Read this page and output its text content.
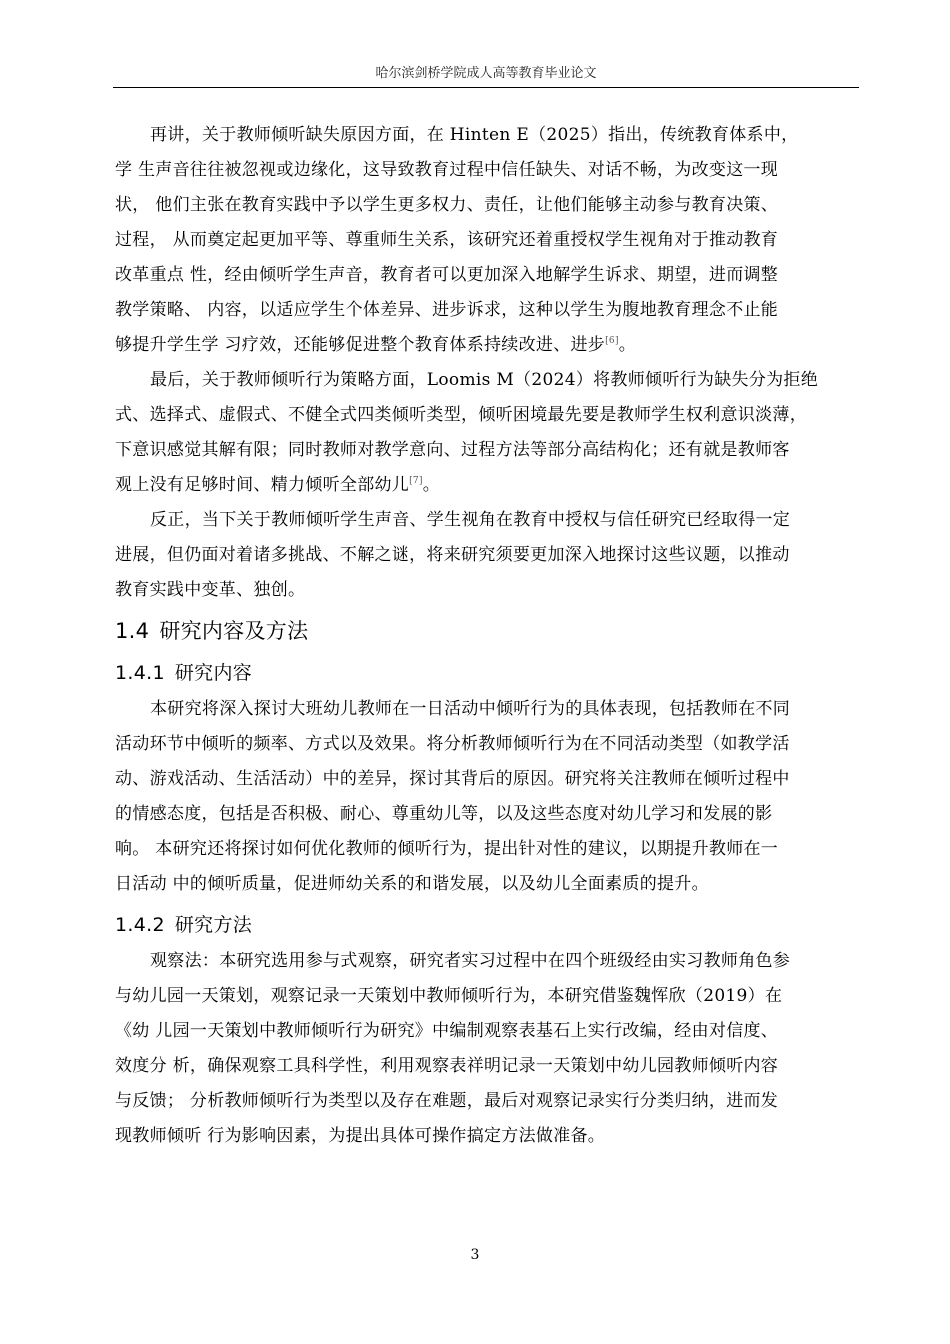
哈尔滨剑桥学院成人高等教育毕业论文
再讲，关于教师倾听缺失原因方面，在 Hinten E（2025）指出，传统教育体系中，
学 生声音往往被忽视或边缘化，这导致教育过程中信任缺失、对话不畅，为改变这一现
状， 他们主张在教育实践中予以学生更多权力、责任，让他们能够主动参与教育决策、
过程， 从而奠定起更加平等、尊重师生关系，该研究还着重授权学生视角对于推动教育
改革重点 性，经由倾听学生声音，教育者可以更加深入地解学生诉求、期望，进而调整
教学策略、 内容，以适应学生个体差异、进步诉求，这种以学生为腹地教育理念不止能
够提升学生学 习疗效，还能够促进整个教育体系持续改进、进步[6]。
最后，关于教师倾听行为策略方面，Loomis M（2024）将教师倾听行为缺失分为拒绝
式、选择式、虚假式、不健全式四类倾听类型，倾听困境最先要是教师学生权利意识淡薄，
下意识感觉其解有限；同时教师对教学意向、过程方法等部分高结构化；还有就是教师客
观上没有足够时间、精力倾听全部幼儿[7]。
反正，当下关于教师倾听学生声音、学生视角在教育中授权与信任研究已经取得一定
进展，但仍面对着诸多挑战、不解之谜，将来研究须要更加深入地探讨这些议题，以推动
教育实践中变革、独创。
1.4 研究内容及方法
1.4.1 研究内容
本研究将深入探讨大班幼儿教师在一日活动中倾听行为的具体表现，包括教师在不同
活动环节中倾听的频率、方式以及效果。将分析教师倾听行为在不同活动类型（如教学活
动、游戏活动、生活活动）中的差异，探讨其背后的原因。研究将关注教师在倾听过程中
的情感态度，包括是否积极、耐心、尊重幼儿等，以及这些态度对幼儿学习和发展的影
响。 本研究还将探讨如何优化教师的倾听行为，提出针对性的建议，以期提升教师在一
日活动 中的倾听质量，促进师幼关系的和谐发展，以及幼儿全面素质的提升。
1.4.2 研究方法
观察法：本研究选用参与式观察，研究者实习过程中在四个班级经由实习教师角色参
与幼儿园一天策划，观察记录一天策划中教师倾听行为，本研究借鉴魏恽欣（2019）在
《幼 儿园一天策划中教师倾听行为研究》中编制观察表基石上实行改编，经由对信度、
效度分 析，确保观察工具科学性，利用观察表祥明记录一天策划中幼儿园教师倾听内容
与反馈； 分析教师倾听行为类型以及存在难题，最后对观察记录实行分类归纳，进而发
现教师倾听 行为影响因素，为提出具体可操作搞定方法做准备。
3
